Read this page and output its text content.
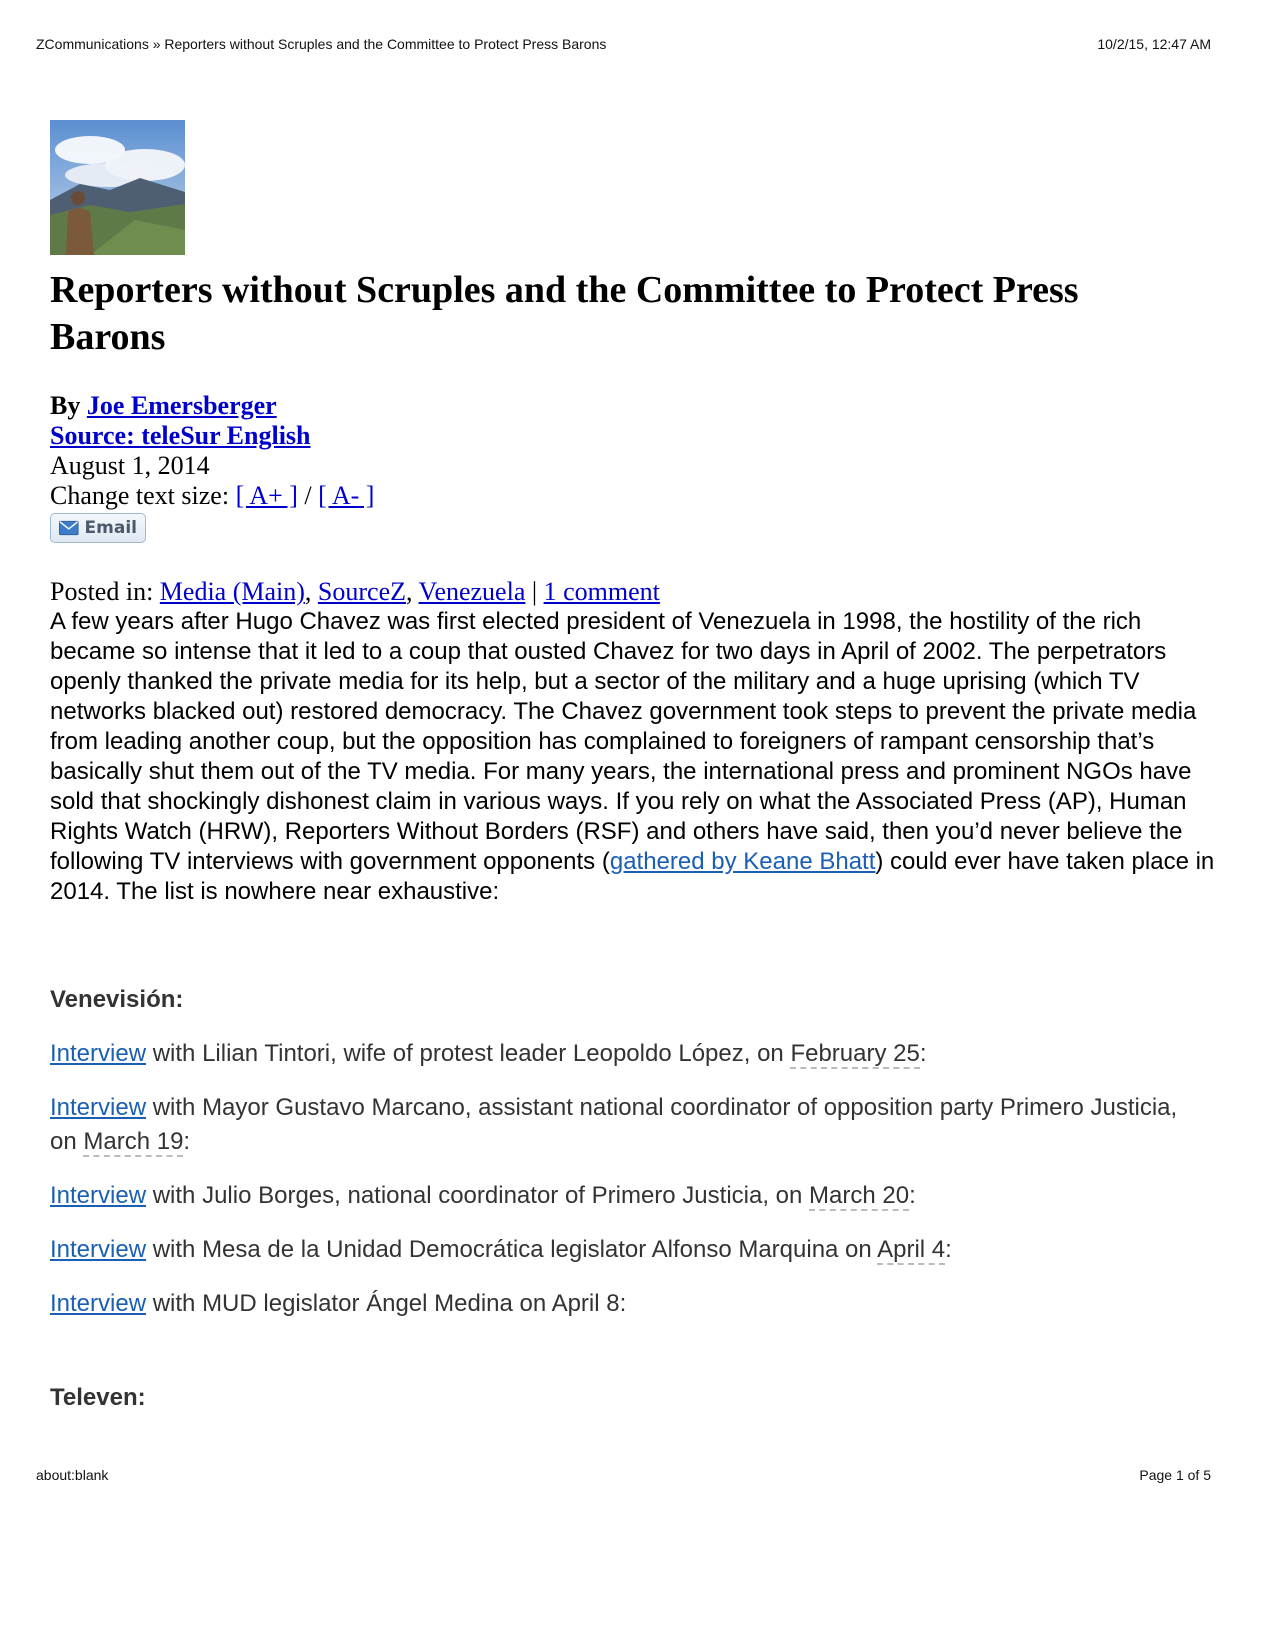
ZCommunications » Reporters without Scruples and the Committee to Protect Press Barons	10/2/15, 12:47 AM
Reporters without Scruples and the Committee to Protect Press Barons
By Joe Emersberger
Source: teleSur English
August 1, 2014
Change text size: [ A+ ] / [ A- ]
Email
Posted in: Media (Main), SourceZ, Venezuela | 1 comment

A few years after Hugo Chavez was first elected president of Venezuela in 1998, the hostility of the rich became so intense that it led to a coup that ousted Chavez for two days in April of 2002. The perpetrators openly thanked the private media for its help, but a sector of the military and a huge uprising (which TV networks blacked out) restored democracy. The Chavez government took steps to prevent the private media from leading another coup, but the opposition has complained to foreigners of rampant censorship that’s basically shut them out of the TV media. For many years, the international press and prominent NGOs have sold that shockingly dishonest claim in various ways. If you rely on what the Associated Press (AP), Human Rights Watch (HRW), Reporters Without Borders (RSF) and others have said, then you’d never believe the following TV interviews with government opponents (gathered by Keane Bhatt) could ever have taken place in 2014. The list is nowhere near exhaustive:

Venevisión:

Interview with Lilian Tintori, wife of protest leader Leopoldo López, on February 25:

Interview with Mayor Gustavo Marcano, assistant national coordinator of opposition party Primero Justicia, on March 19:

Interview with Julio Borges, national coordinator of Primero Justicia, on March 20:

Interview with Mesa de la Unidad Democrática legislator Alfonso Marquina on April 4:

Interview with MUD legislator Ángel Medina on April 8:

Televen:
about:blank	Page 1 of 5
